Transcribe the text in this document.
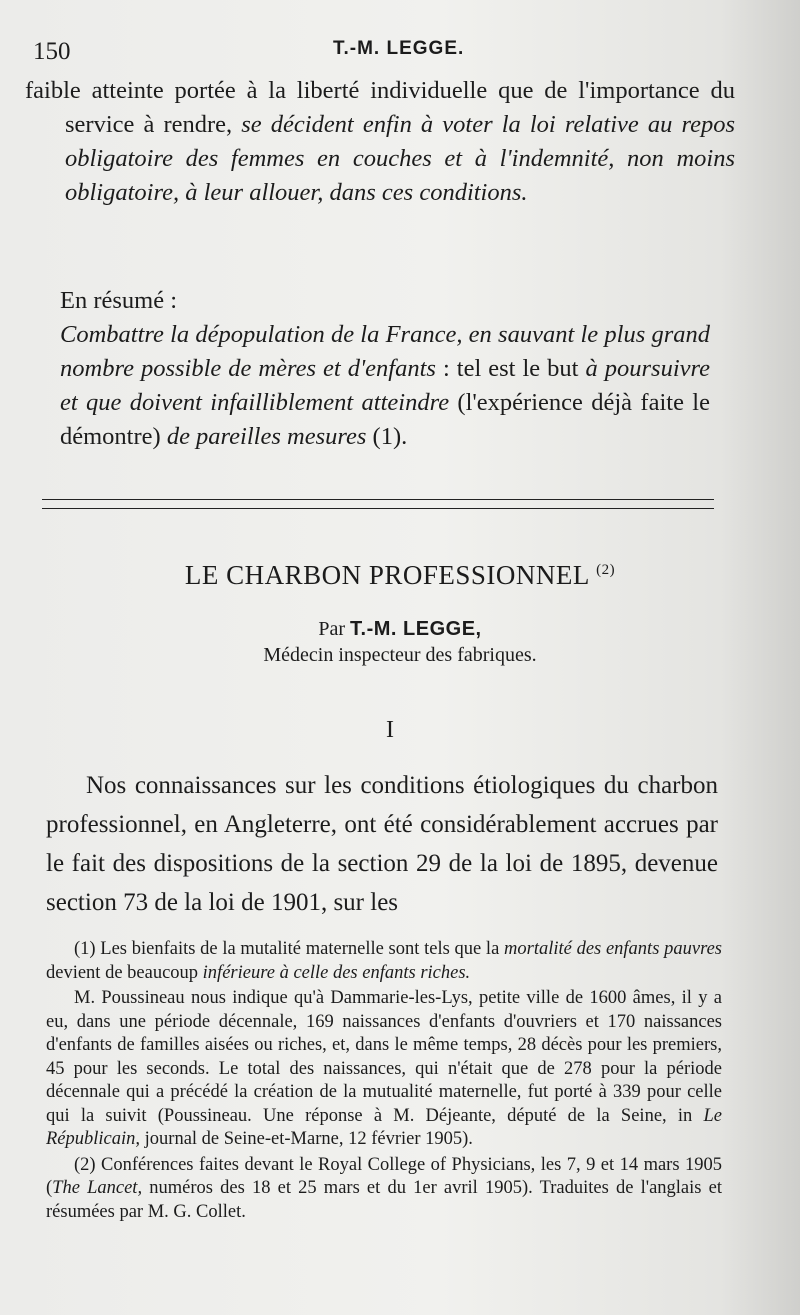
150	T.-M. LEGGE.
faible atteinte portée à la liberté individuelle que de l'importance du service à rendre, se décident enfin à voter la loi relative au repos obligatoire des femmes en couches et à l'indemnité, non moins obligatoire, à leur allouer, dans ces conditions.
En résumé :
Combattre la dépopulation de la France, en sauvant le plus grand nombre possible de mères et d'enfants : tel est le but à poursuivre et que doivent infailliblement atteindre (l'expérience déjà faite le démontre) de pareilles mesures (1).
LE CHARBON PROFESSIONNEL $^{(2)}$
Par T.-M. LEGGE,
Médecin inspecteur des fabriques.
I
Nos connaissances sur les conditions étiologiques du charbon professionnel, en Angleterre, ont été considérablement accrues par le fait des dispositions de la section 29 de la loi de 1895, devenue section 73 de la loi de 1901, sur les

(1) Les bienfaits de la mutalité maternelle sont tels que la mortalité des enfants pauvres devient de beaucoup inférieure à celle des enfants riches.

M. Poussineau nous indique qu'à Dammarie-les-Lys, petite ville de 1600 âmes, il y a eu, dans une période décennale, 169 naissances d'enfants d'ouvriers et 170 naissances d'enfants de familles aisées ou riches, et, dans le même temps, 28 décès pour les premiers, 45 pour les seconds. Le total des naissances, qui n'était que de 278 pour la période décennale qui a précédé la création de la mutualité maternelle, fut porté à 339 pour celle qui la suivit (Poussineau. Une réponse à M. Déjeante, député de la Seine, in Le Républicain, journal de Seine-et-Marne, 12 février 1905).

(2) Conférences faites devant le Royal College of Physicians, les 7, 9 et 14 mars 1905 (The Lancet, numéros des 18 et 25 mars et du 1er avril 1905). Traduites de l'anglais et résumées par M. G. Collet.
